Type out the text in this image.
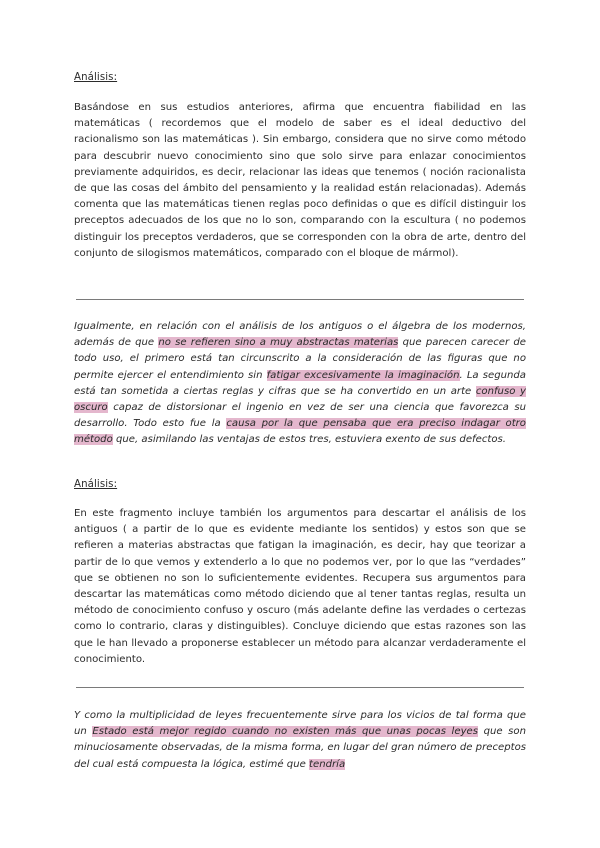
Análisis:

Basándose en sus estudios anteriores, afirma que encuentra fiabilidad en las matemáticas ( recordemos que el modelo de saber es el ideal deductivo del racionalismo son las matemáticas ). Sin embargo, considera que no sirve como método para descubrir nuevo conocimiento sino que solo sirve para enlazar conocimientos previamente adquiridos, es decir, relacionar las ideas que tenemos ( noción racionalista de que las cosas del ámbito del pensamiento y la realidad están relacionadas). Además comenta que las matemáticas tienen reglas poco definidas o que es difícil distinguir los preceptos adecuados de los que no lo son, comparando con la escultura ( no podemos distinguir los preceptos verdaderos, que se corresponden con la obra de arte, dentro del conjunto de silogismos matemáticos, comparado con el bloque de mármol).

Igualmente, en relación con el análisis de los antiguos o el álgebra de los modernos, además de que no se refieren sino a muy abstractas materias que parecen carecer de todo uso, el primero está tan circunscrito a la consideración de las figuras que no permite ejercer el entendimiento sin fatigar excesivamente la imaginación. La segunda está tan sometida a ciertas reglas y cifras que se ha convertido en un arte confuso y oscuro capaz de distorsionar el ingenio en vez de ser una ciencia que favorezca su desarrollo. Todo esto fue la causa por la que pensaba que era preciso indagar otro método que, asimilando las ventajas de estos tres, estuviera exento de sus defectos.

Análisis:

En este fragmento incluye también los argumentos para descartar el análisis de los antiguos ( a partir de lo que es evidente mediante los sentidos) y estos son que se refieren a materias abstractas que fatigan la imaginación, es decir, hay que teorizar a partir de lo que vemos y extenderlo a lo que no podemos ver, por lo que las “verdades” que se obtienen no son lo suficientemente evidentes. Recupera sus argumentos para descartar las matemáticas como método diciendo que al tener tantas reglas, resulta un método de conocimiento confuso y oscuro (más adelante define las verdades o certezas como lo contrario, claras y distinguibles). Concluye diciendo que estas razones son las que le han llevado a proponerse establecer un método para alcanzar verdaderamente el conocimiento.

Y como la multiplicidad de leyes frecuentemente sirve para los vicios de tal forma que un Estado está mejor regido cuando no existen más que unas pocas leyes que son minuciosamente observadas, de la misma forma, en lugar del gran número de preceptos del cual está compuesta la lógica, estimé que tendría
